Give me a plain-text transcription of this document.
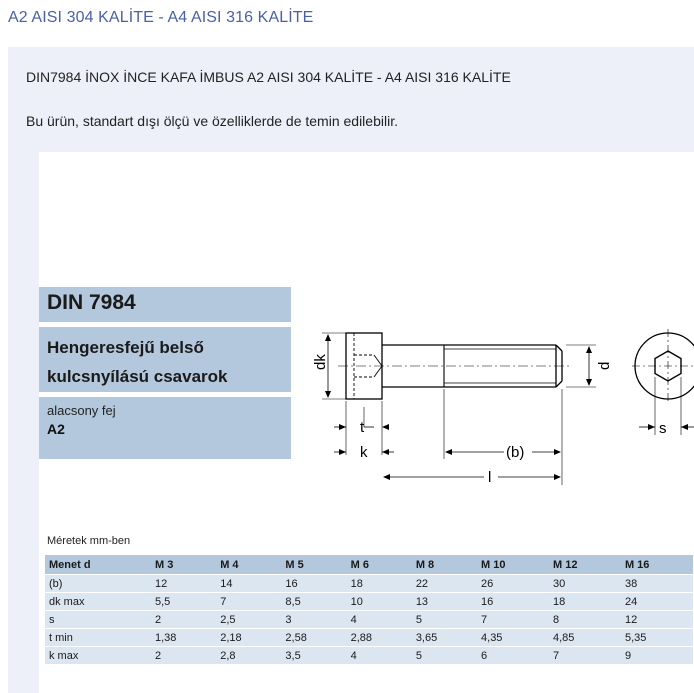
A2 AISI 304 KALİTE - A4 AISI 316 KALİTE
DIN7984 İNOX İNCE KAFA İMBUS A2 AISI 304 KALİTE - A4 AISI 316 KALİTE
Bu ürün, standart dışı ölçü ve özelliklerde de temin edilebilir.
DIN 7984
Hengeresfejű belső
kulcsnyílású csavarok
alacsony fej
A2
dk	d
t
k	(b)
l
s
Méretek mm-ben
Menet d	M 3	M 4	M 5	M 6	M 8	M 10	M 12	M 16
(b)	12	14	16	18	22	26	30	38
dk max	5,5	7	8,5	10	13	16	18	24
s	2	2,5	3	4	5	7	8	12
t min	1,38	2,18	2,58	2,88	3,65	4,35	4,85	5,35
k max	2	2,8	3,5	4	5	6	7	9
